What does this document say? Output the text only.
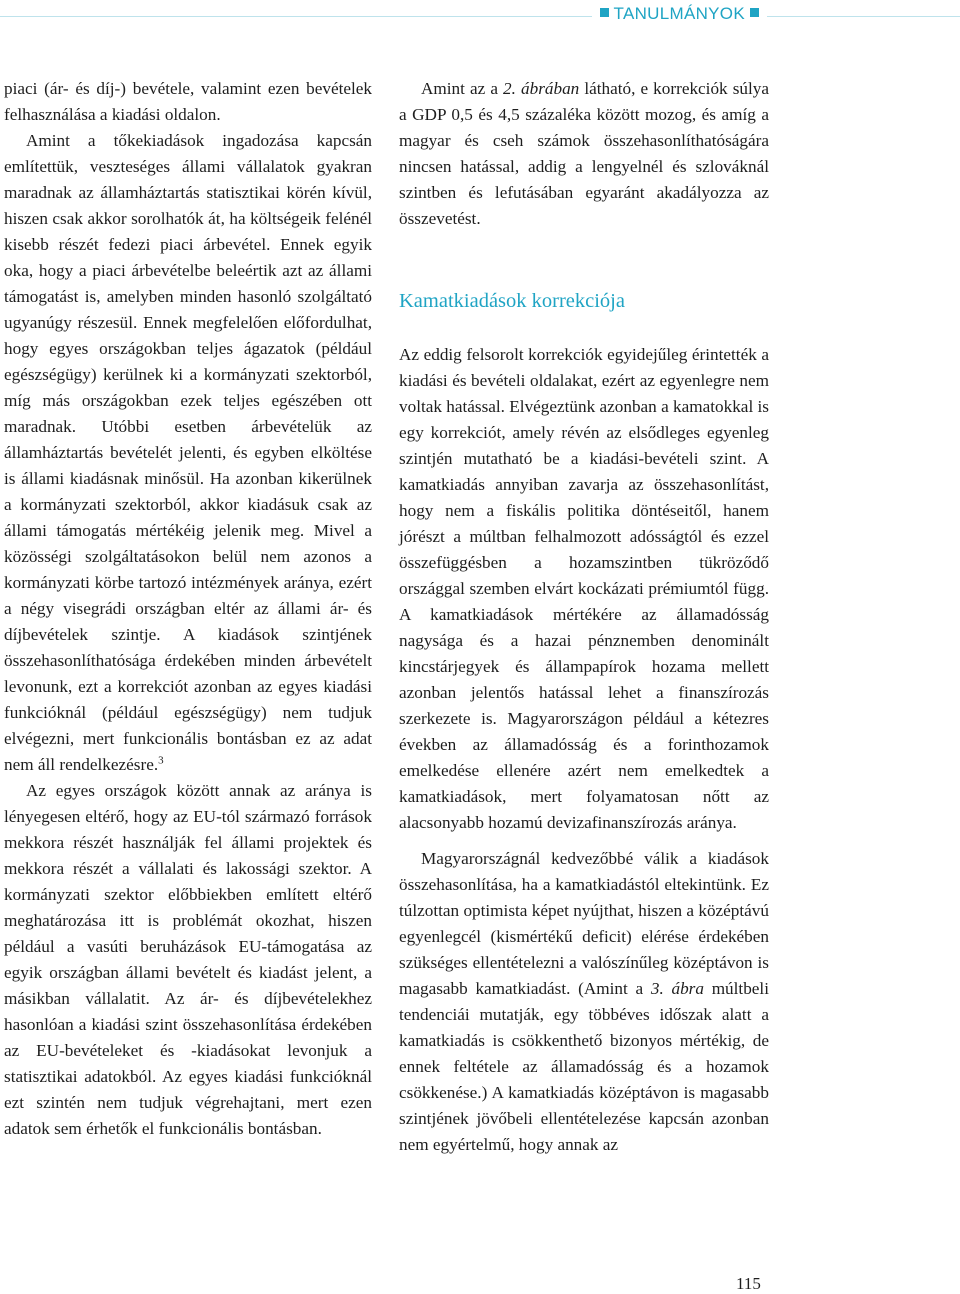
TANULMÁNYOK

piaci (ár- és díj-) bevétele, valamint ezen bevételek felhasználása a kiadási oldalon.

Amint a tőkekiadások ingadozása kapcsán említettük, veszteséges állami vállalatok gyakran maradnak az államháztartás statisztikai körén kívül, hiszen csak akkor sorolhatók át, ha költségeik felénél kisebb részét fedezi piaci árbevétel. Ennek egyik oka, hogy a piaci árbevételbe beleértik azt az állami támogatást is, amelyben minden hasonló szolgáltató ugyanúgy részesül. Ennek megfelelően előfordulhat, hogy egyes országokban teljes ágazatok (például egészségügy) kerülnek ki a kormányzati szektorból, míg más országokban ezek teljes egészében ott maradnak. Utóbbi esetben árbevételük az államháztartás bevételét jelenti, és egyben elköltése is állami kiadásnak minősül. Ha azonban kikerülnek a kormányzati szektorból, akkor kiadásuk csak az állami támogatás mértékéig jelenik meg. Mivel a közösségi szolgáltatásokon belül nem azonos a kormányzati körbe tartozó intézmények aránya, ezért a négy visegrádi országban eltér az állami ár- és díjbevételek szintje. A kiadások szintjének összehasonlíthatósága érdekében minden árbevételt levonunk, ezt a korrekciót azonban az egyes kiadási funkcióknál (például egészségügy) nem tudjuk elvégezni, mert funkcionális bontásban ez az adat nem áll rendelkezésre.$^3$

Az egyes országok között annak az aránya is lényegesen eltérő, hogy az EU-tól származó források mekkora részét használják fel állami projektek és mekkora részét a vállalati és lakossági szektor. A kormányzati szektor előbbiekben említett eltérő meghatározása itt is problémát okozhat, hiszen például a vasúti beruházások EU-támogatása az egyik országban állami bevételt és kiadást jelent, a másikban vállalatit. Az ár- és díjbevételekhez hasonlóan a kiadási szint összehasonlítása érdekében az EU-bevételeket és -kiadásokat levonjuk a statisztikai adatokból. Az egyes kiadási funkcióknál ezt szintén nem tudjuk végrehajtani, mert ezen adatok sem érhetők el funkcionális bontásban.

Amint az a 2. ábrában látható, e korrekciók súlya a GDP 0,5 és 4,5 százaléka között mozog, és amíg a magyar és cseh számok összehasonlíthatóságára nincsen hatással, addig a lengyelnél és szlováknál szintben és lefutásában egyaránt akadályozza az összevetést.

Kamatkiadások korrekciója

Az eddig felsorolt korrekciók egyidejűleg érintették a kiadási és bevételi oldalakat, ezért az egyenlegre nem voltak hatással. Elvégeztünk azonban a kamatokkal is egy korrekciót, amely révén az elsődleges egyenleg szintjén mutatható be a kiadási-bevételi szint. A kamatkiadás annyiban zavarja az összehasonlítást, hogy nem a fiskális politika döntéseitől, hanem jórészt a múltban felhalmozott adósságtól és ezzel összefüggésben a hozamszintben tükröződő országgal szemben elvárt kockázati prémiumtól függ. A kamatkiadások mértékére az államadósság nagysága és a hazai pénznemben denominált kincstárjegyek és állampapírok hozama mellett azonban jelentős hatással lehet a finanszírozás szerkezete is. Magyarországon például a kétezres években az államadósság és a forinthozamok emelkedése ellenére azért nem emelkedtek a kamatkiadások, mert folyamatosan nőtt az alacsonyabb hozamú devizafinanszírozás aránya.

Magyarországnál kedvezőbbé válik a kiadások összehasonlítása, ha a kamatkiadástól eltekintünk. Ez túlzottan optimista képet nyújthat, hiszen a középtávú egyenlegcél (kismértékű deficit) elérése érdekében szükséges ellentételezni a valószínűleg középtávon is magasabb kamatkiadást. (Amint a 3. ábra múltbeli tendenciái mutatják, egy többéves időszak alatt a kamatkiadás is csökkenthető bizonyos mértékig, de ennek feltétele az államadósság és a hozamok csökkenése.) A kamatkiadás középtávon is magasabb szintjének jövőbeli ellentételezése kapcsán azonban nem egyértelmű, hogy annak az

115
